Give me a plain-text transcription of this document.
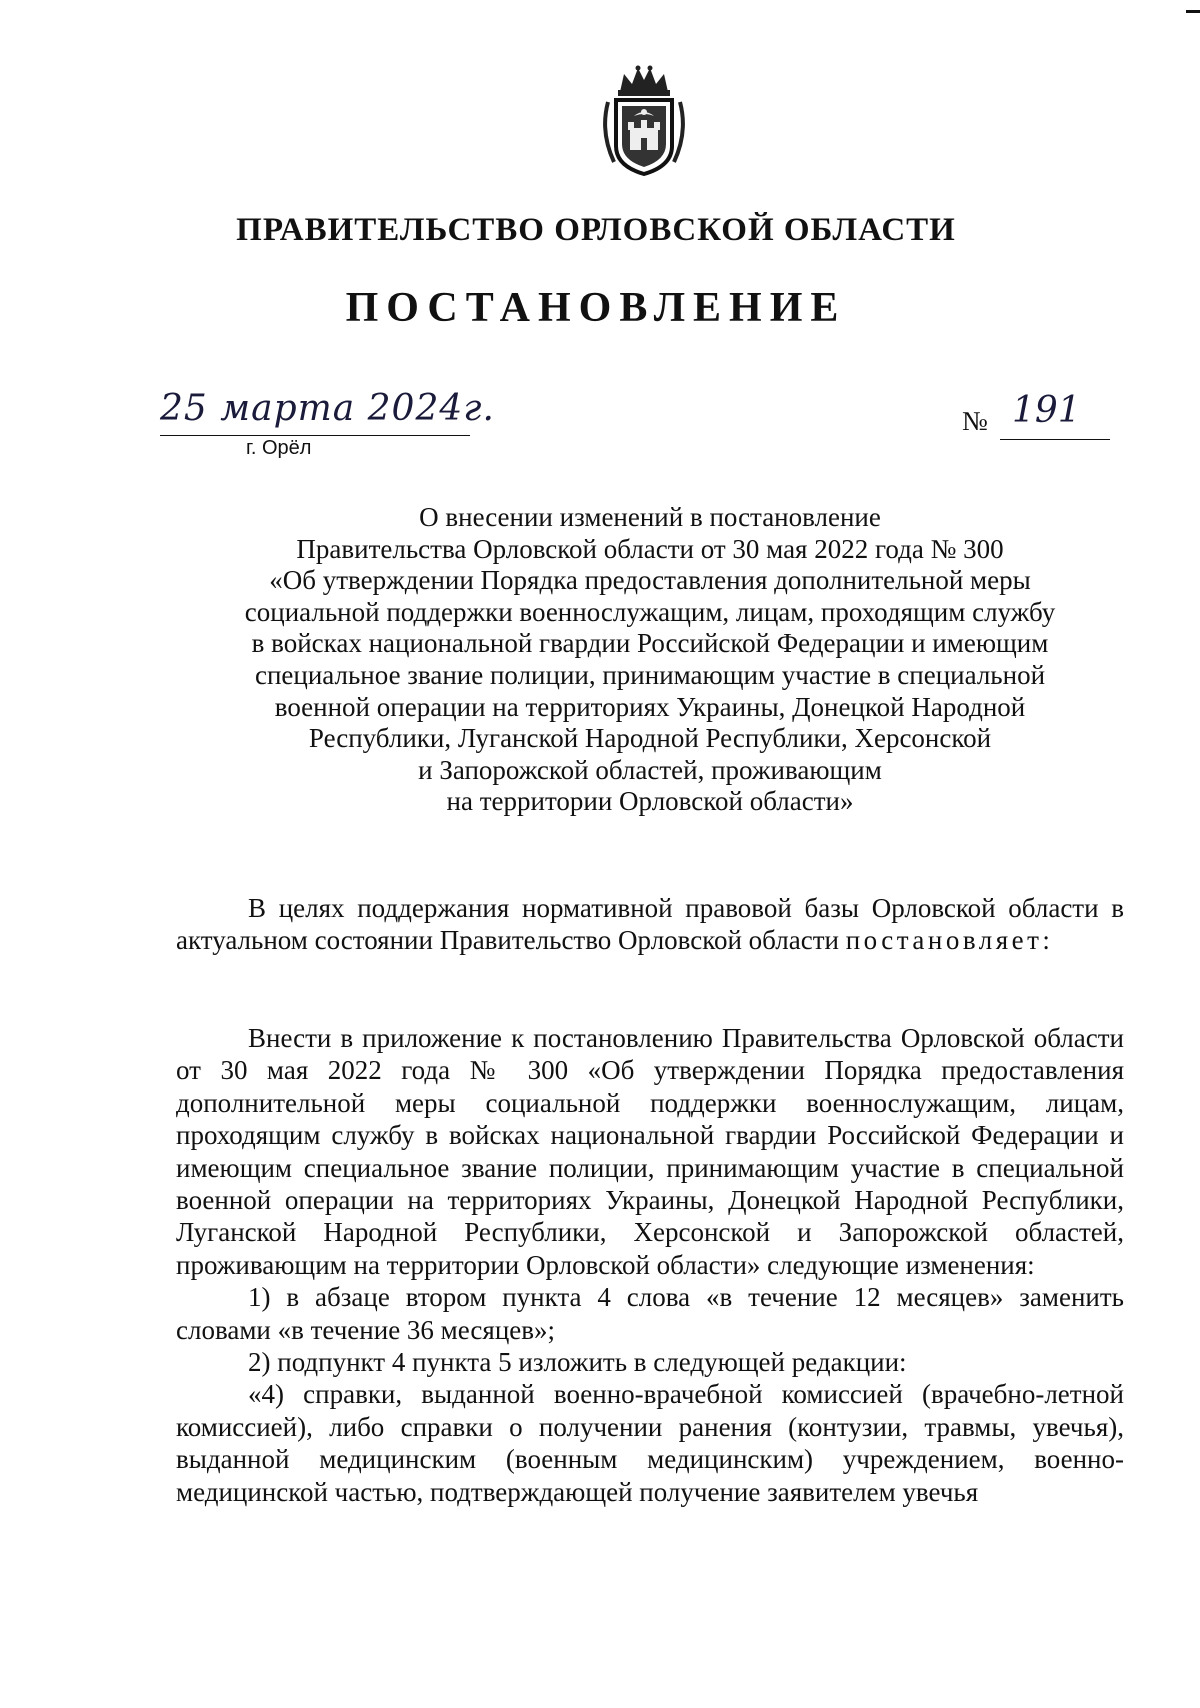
ПРАВИТЕЛЬСТВО ОРЛОВСКОЙ ОБЛАСТИ
ПОСТАНОВЛЕНИЕ
25 марта 2024г.
г. Орёл
№ 191
О внесении изменений в постановление
Правительства Орловской области от 30 мая 2022 года № 300
«Об утверждении Порядка предоставления дополнительной меры
социальной поддержки военнослужащим, лицам, проходящим службу
в войсках национальной гвардии Российской Федерации и имеющим
специальное звание полиции, принимающим участие в специальной
военной операции на территориях Украины, Донецкой Народной
Республики, Луганской Народной Республики, Херсонской
и Запорожской областей, проживающим
на территории Орловской области»

В целях поддержания нормативной правовой базы Орловской области в актуальном состоянии Правительство Орловской области постановляет:

Внести в приложение к постановлению Правительства Орловской области от 30 мая 2022 года № 300 «Об утверждении Порядка предоставления дополнительной меры социальной поддержки военнослужащим, лицам, проходящим службу в войсках национальной гвардии Российской Федерации и имеющим специальное звание полиции, принимающим участие в специальной военной операции на территориях Украины, Донецкой Народной Республики, Луганской Народной Республики, Херсонской и Запорожской областей, проживающим на территории Орловской области» следующие изменения:

1) в абзаце втором пункта 4 слова «в течение 12 месяцев» заменить словами «в течение 36 месяцев»;

2) подпункт 4 пункта 5 изложить в следующей редакции:

«4) справки, выданной военно-врачебной комиссией (врачебно-летной комиссией), либо справки о получении ранения (контузии, травмы, увечья), выданной медицинским (военным медицинским) учреждением, военно-медицинской частью, подтверждающей получение заявителем увечья
